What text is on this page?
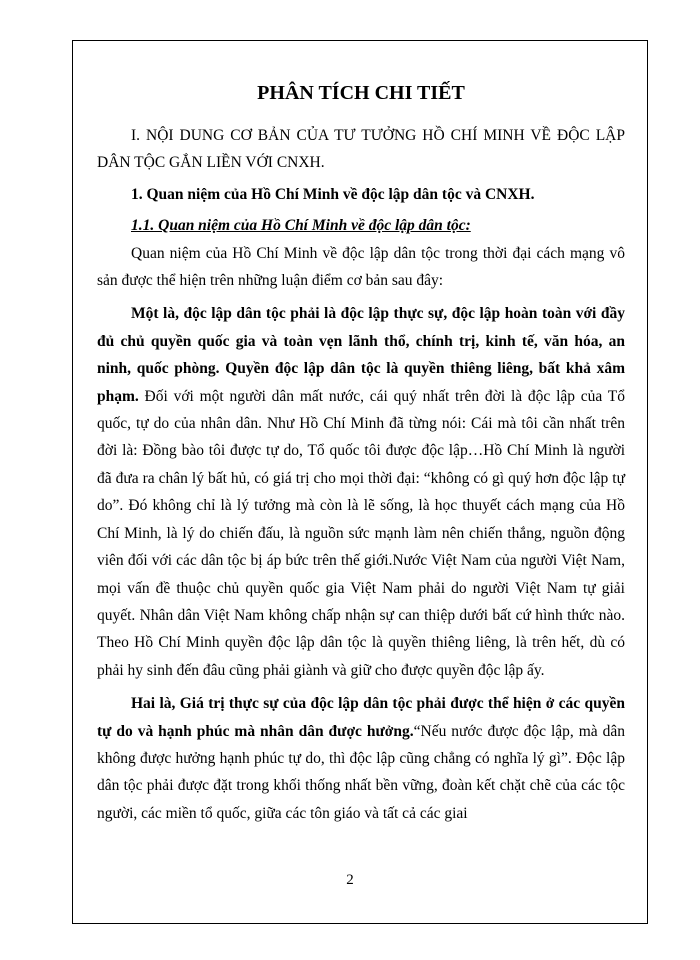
PHÂN TÍCH CHI TIẾT

I. NỘI DUNG CƠ BẢN CỦA TƯ TƯỞNG HỒ CHÍ MINH VỀ ĐỘC LẬP DÂN TỘC GẮN LIỀN VỚI CNXH.

1. Quan niệm của Hồ Chí Minh về độc lập dân tộc và CNXH.

1.1. Quan niệm của Hồ Chí Minh về độc lập dân tộc:

Quan niệm của Hồ Chí Minh về độc lập dân tộc trong thời đại cách mạng vô sản được thể hiện trên những luận điểm cơ bản sau đây:

Một là, độc lập dân tộc phải là độc lập thực sự, độc lập hoàn toàn với đầy đủ chủ quyền quốc gia và toàn vẹn lãnh thổ, chính trị, kinh tế, văn hóa, an ninh, quốc phòng. Quyền độc lập dân tộc là quyền thiêng liêng, bất khả xâm phạm. Đối với một người dân mất nước, cái quý nhất trên đời là độc lập của Tổ quốc, tự do của nhân dân. Như Hồ Chí Minh đã từng nói: Cái mà tôi cần nhất trên đời là: Đồng bào tôi được tự do, Tổ quốc tôi được độc lập…Hồ Chí Minh là người đã đưa ra chân lý bất hủ, có giá trị cho mọi thời đại: “không có gì quý hơn độc lập tự do”. Đó không chỉ là lý tưởng mà còn là lẽ sống, là học thuyết cách mạng của Hồ Chí Minh, là lý do chiến đấu, là nguồn sức mạnh làm nên chiến thắng, nguồn động viên đối với các dân tộc bị áp bức trên thế giới.Nước Việt Nam của người Việt Nam, mọi vấn đề thuộc chủ quyền quốc gia Việt Nam phải do người Việt Nam tự giải quyết. Nhân dân Việt Nam không chấp nhận sự can thiệp dưới bất cứ hình thức nào. Theo Hồ Chí Minh quyền độc lập dân tộc là quyền thiêng liêng, là trên hết, dù có phải hy sinh đến đâu cũng phải giành và giữ cho được quyền độc lập ấy.

Hai là, Giá trị thực sự của độc lập dân tộc phải được thể hiện ở các quyền tự do và hạnh phúc mà nhân dân được hưởng.“Nếu nước được độc lập, mà dân không được hưởng hạnh phúc tự do, thì độc lập cũng chẳng có nghĩa lý gì”. Độc lập dân tộc phải được đặt trong khối thống nhất bền vững, đoàn kết chặt chẽ của các tộc người, các miền tổ quốc, giữa các tôn giáo và tất cả các giai

2
